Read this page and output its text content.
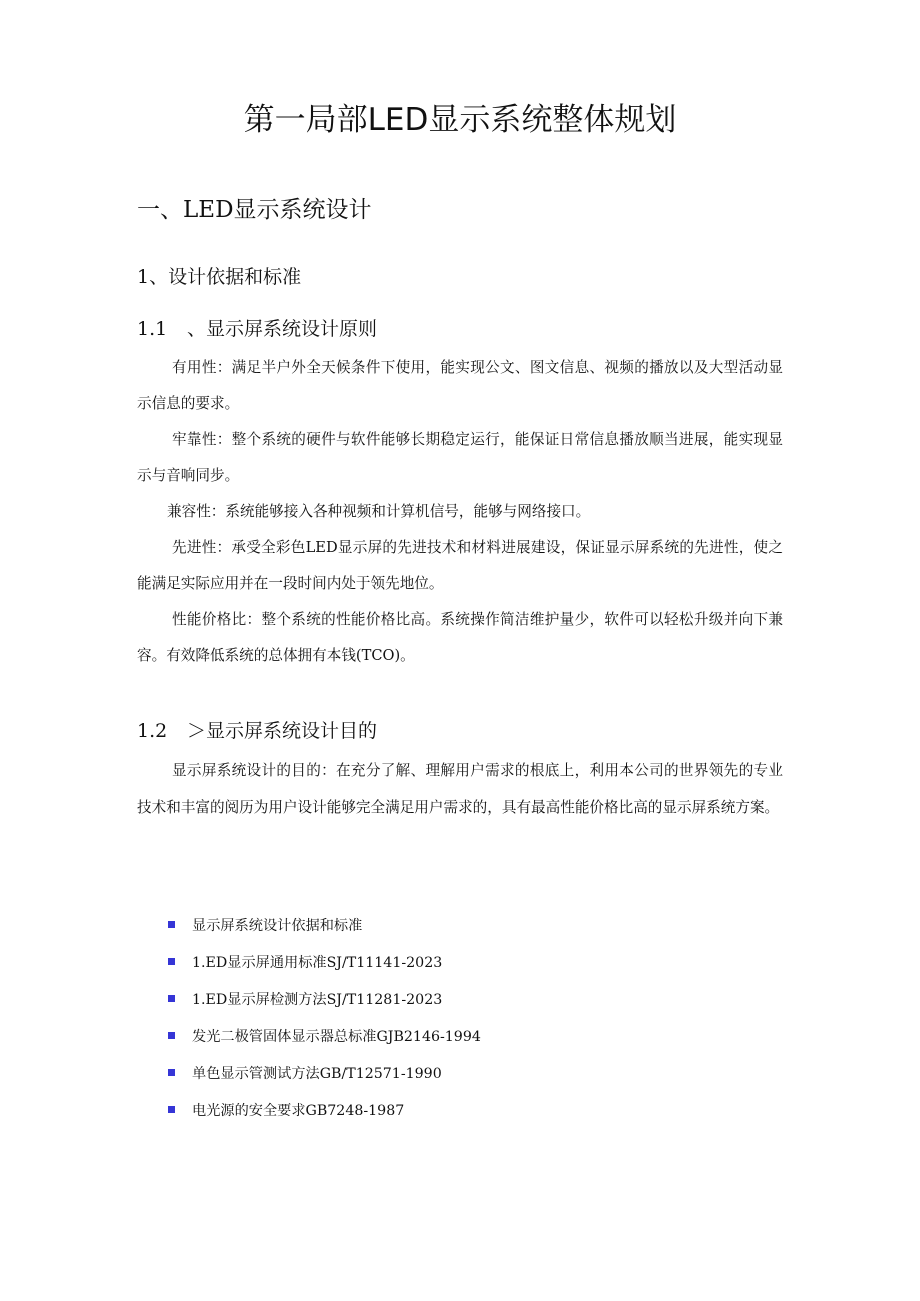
第一局部LED显示系统整体规划
一、LED显示系统设计
1、设计依据和标准
1.1 、显示屏系统设计原则

有用性：满足半户外全天候条件下使用，能实现公文、图文信息、视频的播放以及大型活动显示信息的要求。

牢靠性：整个系统的硬件与软件能够长期稳定运行，能保证日常信息播放顺当进展，能实现显示与音响同步。

兼容性：系统能够接入各种视频和计算机信号，能够与网络接口。

先进性：承受全彩色LED显示屏的先进技术和材料进展建设，保证显示屏系统的先进性，使之能满足实际应用并在一段时间内处于领先地位。

性能价格比：整个系统的性能价格比高。系统操作简洁维护量少，软件可以轻松升级并向下兼容。有效降低系统的总体拥有本钱(TCO)。

1.2 ＞显示屏系统设计目的

显示屏系统设计的目的：在充分了解、理解用户需求的根底上，利用本公司的世界领先的专业技术和丰富的阅历为用户设计能够完全满足用户需求的，具有最高性能价格比高的显示屏系统方案。

显示屏系统设计依据和标准
1.ED显示屏通用标准SJ/T11141-2023
1.ED显示屏检测方法SJ/T11281-2023
发光二极管固体显示器总标准GJB2146-1994
单色显示管测试方法GB/T12571-1990
电光源的安全要求GB7248-1987
